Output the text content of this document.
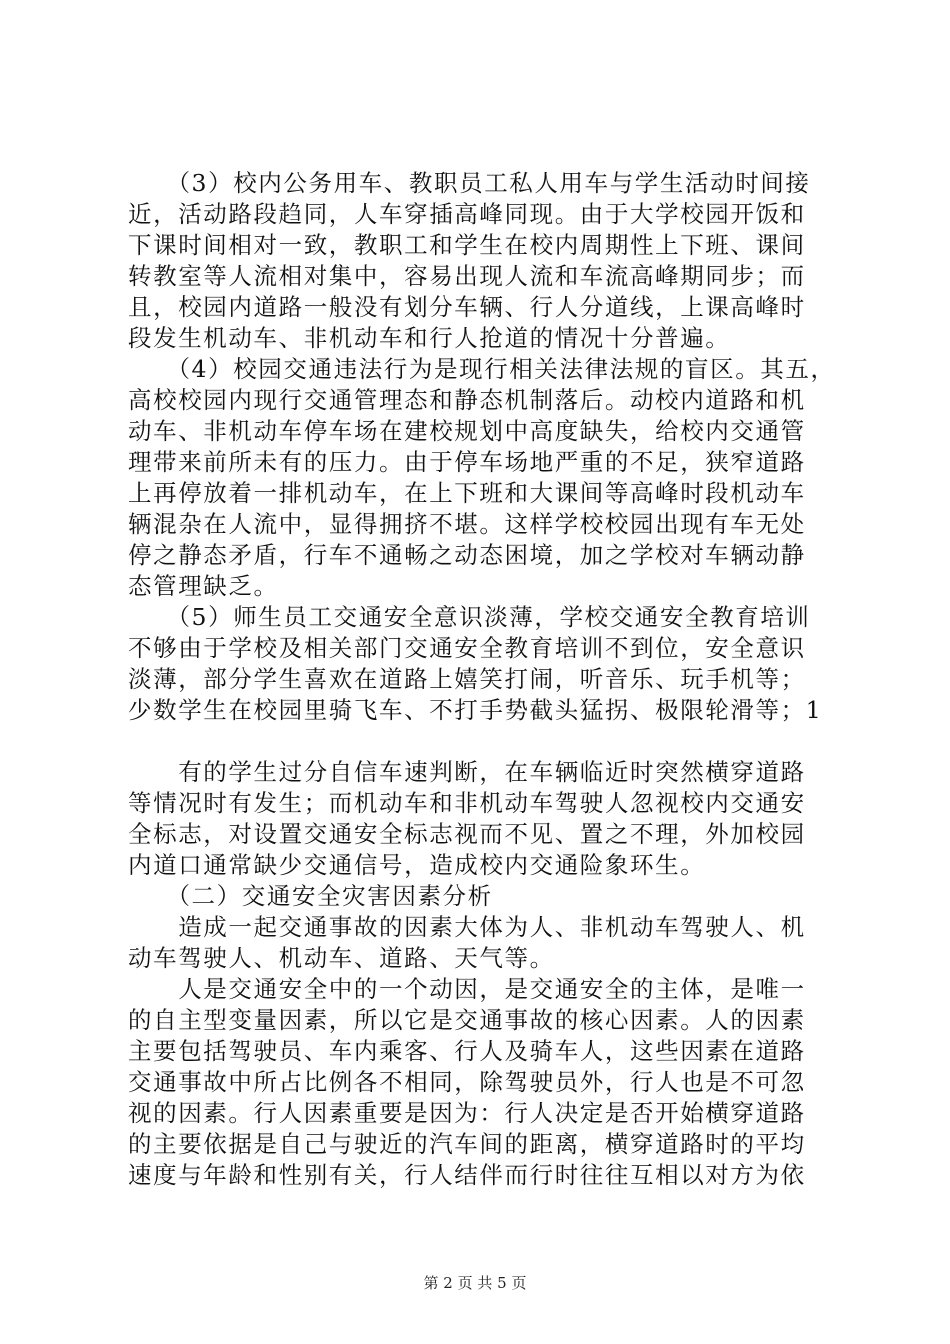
　　（3）校内公务用车、教职员工私人用车与学生活动时间接
近，活动路段趋同，人车穿插高峰同现。由于大学校园开饭和
下课时间相对一致，教职工和学生在校内周期性上下班、课间
转教室等人流相对集中，容易出现人流和车流高峰期同步；而
且，校园内道路一般没有划分车辆、行人分道线，上课高峰时
段发生机动车、非机动车和行人抢道的情况十分普遍。
　　（4）校园交通违法行为是现行相关法律法规的盲区。其五，
高校校园内现行交通管理态和静态机制落后。动校内道路和机
动车、非机动车停车场在建校规划中高度缺失，给校内交通管
理带来前所未有的压力。由于停车场地严重的不足，狭窄道路
上再停放着一排机动车，在上下班和大课间等高峰时段机动车
辆混杂在人流中，显得拥挤不堪。这样学校校园出现有车无处
停之静态矛盾，行车不通畅之动态困境，加之学校对车辆动静
态管理缺乏。
　　（5）师生员工交通安全意识淡薄，学校交通安全教育培训
不够由于学校及相关部门交通安全教育培训不到位，安全意识
淡薄，部分学生喜欢在道路上嬉笑打闹，听音乐、玩手机等；
少数学生在校园里骑飞车、不打手势截头猛拐、极限轮滑等；1
　　有的学生过分自信车速判断，在车辆临近时突然横穿道路
等情况时有发生；而机动车和非机动车驾驶人忽视校内交通安
全标志，对设置交通安全标志视而不见、置之不理，外加校园
内道口通常缺少交通信号，造成校内交通险象环生。
　　（二）交通安全灾害因素分析
　　造成一起交通事故的因素大体为人、非机动车驾驶人、机
动车驾驶人、机动车、道路、天气等。
　　人是交通安全中的一个动因，是交通安全的主体，是唯一
的自主型变量因素，所以它是交通事故的核心因素。人的因素
主要包括驾驶员、车内乘客、行人及骑车人，这些因素在道路
交通事故中所占比例各不相同，除驾驶员外，行人也是不可忽
视的因素。行人因素重要是因为：行人决定是否开始横穿道路
的主要依据是自己与驶近的汽车间的距离，横穿道路时的平均
速度与年龄和性别有关，行人结伴而行时往往互相以对方为依
第 2 页 共 5 页
